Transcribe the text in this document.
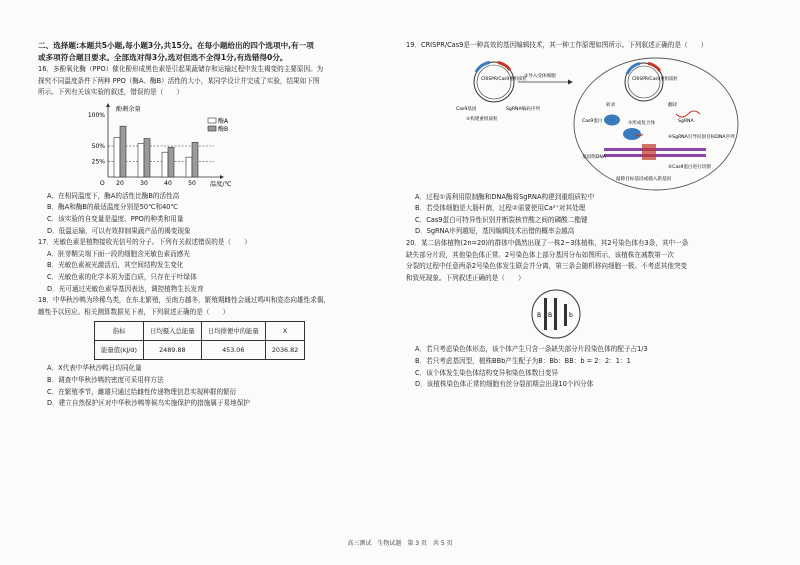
二、选择题:本题共5小题,每小题3分,共15分。在每小题给出的四个选项中,有一项
或多项符合题目要求。全部选对得3分,选对但选不全得1分,有选错得0分。
16．多酚氧化酶（PPO）催化酚形成黑色素是引起果蔬储存和运输过程中发生褐变的主要原因。为
探究不同温度条件下两种 PPO（酶A、酶B）活性的大小，某同学设计并完成了实验，结果如下图
所示。下列有关该实验的叙述，错误的是（　　）
100%
50%
25%
O
酚剩余量
温度/℃
20	30	40	50
酶A
酶B
A．在相同温度下，酶A的活性比酶B的活性高
B．酶A和酶B的最适温度分别是50℃和40℃
C．该实验的自变量是温度、PPO的种类和用量
D．低温运输，可以有效抑制果蔬产品的褐变现象
17．光敏色素是植物接收光信号的分子。下列有关叙述错误的是（　　）
A．胚芽鞘尖端下面一段的细胞含光敏色素而感光
B．光敏色素被光激活后，其空间结构发生变化
C．光敏色素的化学本质为蛋白质，只存在于叶绿体
D．光可通过光敏色素导基因表达，调控植物生长发育
18．中华秋沙鸭为珍稀鸟类，在东北繁殖，至南方越冬，繁殖期雌性会通过鸣叫和姿态向雄性求偶，
雌性予以回应。相关测算数据见下表，下列叙述正确的是（　　）
指标	日均摄入总能量	日均排便中的能量	X
能量值(kJ/d)	2489.88	453.06	2036.82
A．X代表中华秋沙鸭日均同化量
B．调查中华秋沙鸭的密度可采用样方法
C．在繁殖季节，雌雄只通过给雌性传递物理信息实现种群的繁衍
D．建立自然保护区对中华秋沙鸭等候鸟实施保护的措施属于易地保护
19．CRISPR/Cas9是一种高效的基因编辑技术，其一种工作原理如图所示。下列叙述正确的是（　　）
CRISPR/Cas9重组质粒
Cas9基因	SgRNA编码序列
①构建重组质粒
②导入受体细胞
CRISPR/Cas9重组质粒
转录	翻译
Cas9蛋白	SgRNA
③形成复合体
④SgRNA引导识别目标DNA序列
基因组DNA
⑤Cas9蛋白进行切割
敲除目标基因或插入新基因
A．过程①需利用限制酶和DNA酶将SgRNA构建到重组质粒中
B．若受体细胞是大肠杆菌，过程②需要使用Ca²⁺对其处理
C．Cas9蛋白可特异性识别并断裂核苷酸之间的磷酸二酯键
D．SgRNA序列越短，基因编辑技术出错的概率会越高
20．某二倍体植物(2n=20)的群体中偶然出现了一株2~3体植株，其2号染色体有3条，其中一条
缺失部分片段，其他染色体正常。2号染色体上部分基因分布如图所示，该植株在减数第一次
分裂的过程中任意两条2号染色体发生联会并分离，第三条会随机移向细胞一极。不考虑其他突变
和致死现象。下列叙述正确的是（　　）
B B	b
A．若只考虑染色体形态，该个体产生只含一条缺失部分片段染色体的配子占1/3
B．若只考虑基因型，植株BBb产生配子为B：Bb：BB：b = 2：2：1：1
C．该个体发生染色体结构变异和染色体数目变异
D．该植株染色体正常的细胞有丝分裂前期会出现10个四分体
高三测试　生物试题　第 3 页　共 5 页
